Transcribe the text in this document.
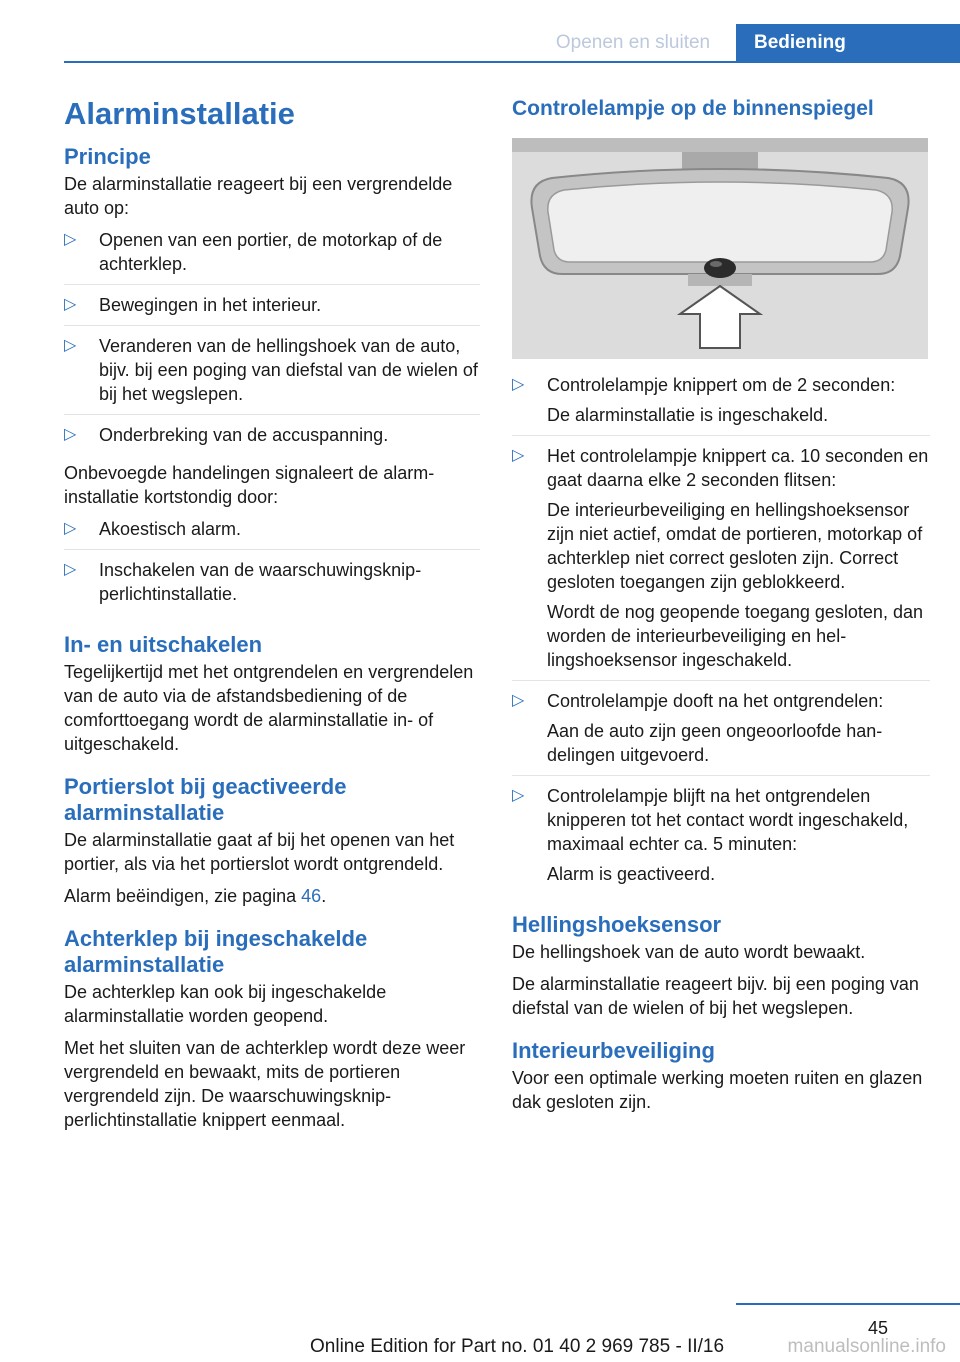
Openen en sluiten	Bediening
Alarminstallatie
Principe

De alarminstallatie reageert bij een vergrendelde auto op:

▷ Openen van een portier, de motorkap of de achterklep.
▷ Bewegingen in het interieur.
▷ Veranderen van de hellingshoek van de auto, bijv. bij een poging van diefstal van de wielen of bij het wegslepen.
▷ Onderbreking van de accuspanning.

Onbevoegde handelingen signaleert de alarminstallatie kortstondig door:

▷ Akoestisch alarm.
▷ Inschakelen van de waarschuwingsknipperlichtinstallatie.
In- en uitschakelen

Tegelijkertijd met het ontgrendelen en vergrendelen van de auto via de afstandsbediening of de comforttoegang wordt de alarminstallatie in- of uitgeschakeld.

Portierslot bij geactiveerde alarminstallatie

De alarminstallatie gaat af bij het openen van het portier, als via het portierslot wordt ontgrendeld.

Alarm beëindigen, zie pagina 46.

Achterklep bij ingeschakelde alarminstallatie

De achterklep kan ook bij ingeschakelde alarminstallatie worden geopend.

Met het sluiten van de achterklep wordt deze weer vergrendeld en bewaakt, mits de portieren vergrendeld zijn. De waarschuwingsknipperlichtinstallatie knippert eenmaal.

Controlelampje op de binnenspiegel
▷ Controlelampje knippert om de 2 seconden:
De alarminstallatie is ingeschakeld.
▷ Het controlelampje knippert ca. 10 seconden en gaat daarna elke 2 seconden flitsen:
De interieurbeveiliging en hellingshoeksensor zijn niet actief, omdat de portieren, motorkap of achterklep niet correct gesloten zijn. Correct gesloten toegangen zijn geblokkeerd.
Wordt de nog geopende toegang gesloten, dan worden de interieurbeveiliging en hellingshoeksensor ingeschakeld.
▷ Controlelampje dooft na het ontgrendelen:
Aan de auto zijn geen ongeoorloofde handelingen uitgevoerd.
▷ Controlelampje blijft na het ontgrendelen knipperen tot het contact wordt ingeschakeld, maximaal echter ca. 5 minuten:
Alarm is geactiveerd.
Hellingshoeksensor

De hellingshoek van de auto wordt bewaakt.

De alarminstallatie reageert bijv. bij een poging van diefstal van de wielen of bij het wegslepen.

Interieurbeveiliging

Voor een optimale werking moeten ruiten en glazen dak gesloten zijn.

45
Online Edition for Part no. 01 40 2 969 785 - II/16	manualsonline.info
